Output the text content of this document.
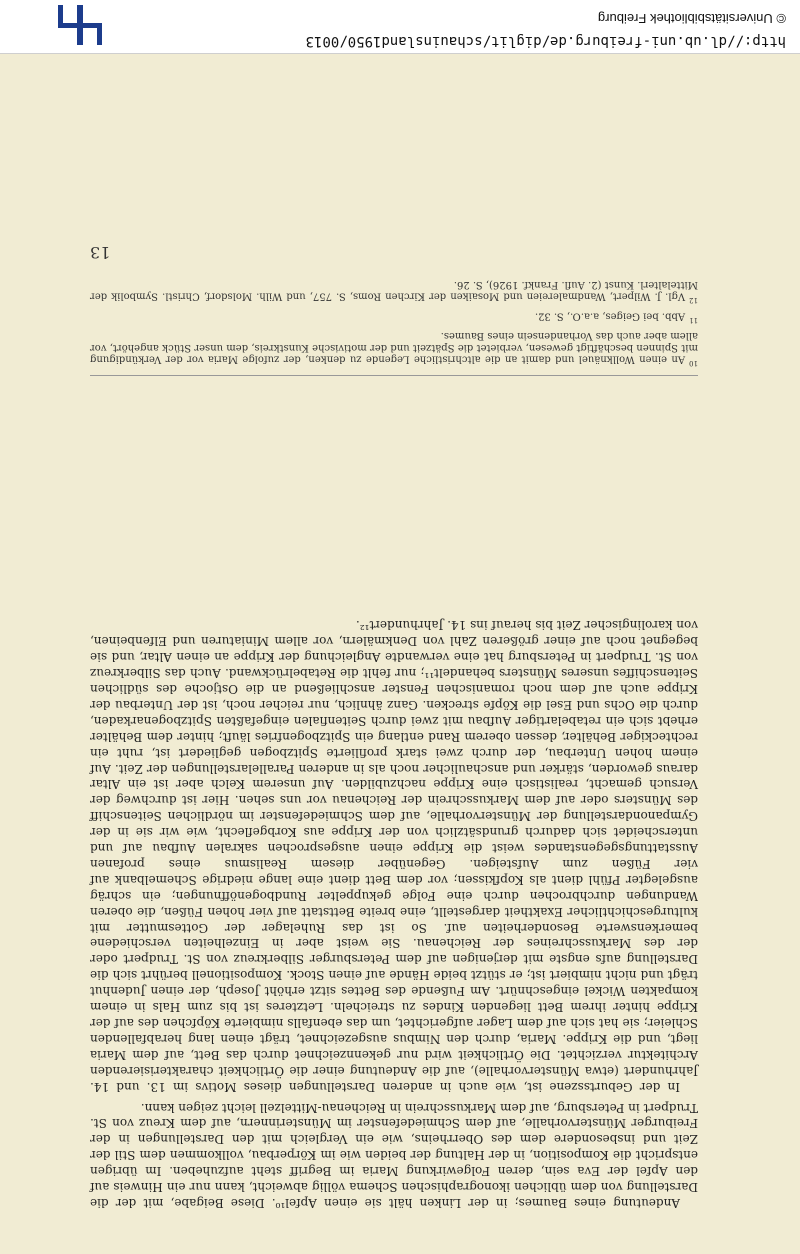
Andeutung eines Baumes; in der Linken hält sie einen Apfel¹⁰. Diese Beigabe, mit der die Darstellung von dem üblichen ikonographischen Schema völlig abweicht, kann nur ein Hinweis auf den Apfel der Eva sein, deren Folgewirkung Maria im Begriff steht aufzuheben. Im übrigen entspricht die Komposition, in der Haltung der beiden wie im Körperbau, vollkommen dem Stil der Zeit und insbesondere dem des Oberrheins, wie ein Vergleich mit den Darstellungen in der Freiburger Münstervorhalle, auf dem Schmiedefenster im Münsterinnern, auf dem Kreuz von St. Trudpert in Petersburg, auf dem Markusschrein in Reichenau-Mittelzell leicht zeigen kann.

In der Geburtsszene ist, wie auch in anderen Darstellungen dieses Motivs im 13. und 14. Jahrhundert (etwa Münstervorhalle), auf die Andeutung einer die Örtlichkeit charakterisierenden Architektur verzichtet. Die Örtlichkeit wird nur gekennzeichnet durch das Bett, auf dem Maria liegt, und die Krippe. Maria, durch den Nimbus ausgezeichnet, trägt einen lang herabfallenden Schleier; sie hat sich auf dem Lager aufgerichtet, um das ebenfalls nimbierte Köpfchen des auf der Krippe hinter ihrem Bett liegenden Kindes zu streicheln. Letzteres ist bis zum Hals in einem kompakten Wickel eingeschnürt. Am Fußende des Bettes sitzt erhöht Joseph, der einen Judenhut trägt und nicht nimbiert ist; er stützt beide Hände auf einen Stock. Kompositionell berührt sich die Darstellung aufs engste mit derjenigen auf dem Petersburger Silberkreuz von St. Trudpert oder der des Markusschreines der Reichenau. Sie weist aber in Einzelheiten verschiedene bemerkenswerte Besonderheiten auf. So ist das Ruhelager der Gottesmutter mit kulturgeschichtlicher Exaktheit dargestellt, eine breite Bettstatt auf vier hohen Füßen, die oberen Wandungen durchbrochen durch eine Folge gekuppelter Rundbogenöffnungen; ein schräg ausgelegter Pfühl dient als Kopfkissen; vor dem Bett dient eine lange niedrige Schemelbank auf vier Füßen zum Aufsteigen. Gegenüber diesem Realismus eines profanen Ausstattungsgegenstandes weist die Krippe einen ausgesprochen sakralen Aufbau auf und unterscheidet sich dadurch grundsätzlich von der Krippe aus Korbgeflecht, wie wir sie in der Gympanondarstellung der Münstervorhalle, auf dem Schmiedefenster im nördlichen Seitenschiff des Münsters oder auf dem Markusschrein der Reichenau vor uns sehen. Hier ist durchweg der Versuch gemacht, realistisch eine Krippe nachzubilden. Auf unserem Kelch aber ist ein Altar daraus geworden, stärker und anschaulicher noch als in anderen Parallelarstellungen der Zeit. Auf einem hohen Unterbau, der durch zwei stark profilierte Spitzbogen gegliedert ist, ruht ein rechteckiger Behälter, dessen oberem Rand entlang ein Spitzbogenfries läuft; hinter dem Behälter erhebt sich ein retabelartiger Aufbau mit zwei durch Seitenfialen eingefaßten Spitzbogenarkaden, durch die Ochs und Esel die Köpfe strecken. Ganz ähnlich, nur reicher noch, ist der Unterbau der Krippe auch auf dem noch romanischen Fenster anschließend an die Ostjoche des südlichen Seitenschiffes unseres Münsters behandelt¹¹; nur fehlt die Retabelrückwand. Auch das Silberkreuz von St. Trudpert in Petersburg hat eine verwandte Angleichung der Krippe an einen Altar, und sie begegnet noch auf einer größeren Zahl von Denkmälern, vor allem Miniaturen und Elfenbeinen, von karolingischer Zeit bis herauf ins 14. Jahrhundert¹².

$^{10}$An einen Wollknäuel und damit an die altchristliche Legende zu denken, der zufolge Maria vor der Verkündigung mit Spinnen beschäftigt gewesen, verbietet die Spätzeit und der motivische Kunstkreis, dem unser Stück angehört, vor allem aber auch das Vorhandensein eines Baumes.
$^{11}$Abb. bei Geiges, a.a.O., S. 32.
$^{12}$Vgl. J. Wilpert, Wandmalereien und Mosaiken der Kirchen Roms, S. 757, und Wilh. Molsdorf, Christl. Symbolik der Mittelalterl. Kunst (2. Aufl. Frankf. 1926), S. 26.
13
http://dl.ub.uni-freiburg.de/diglit/schauinsland1950/0013
© Universitätsbibliothek Freiburg
